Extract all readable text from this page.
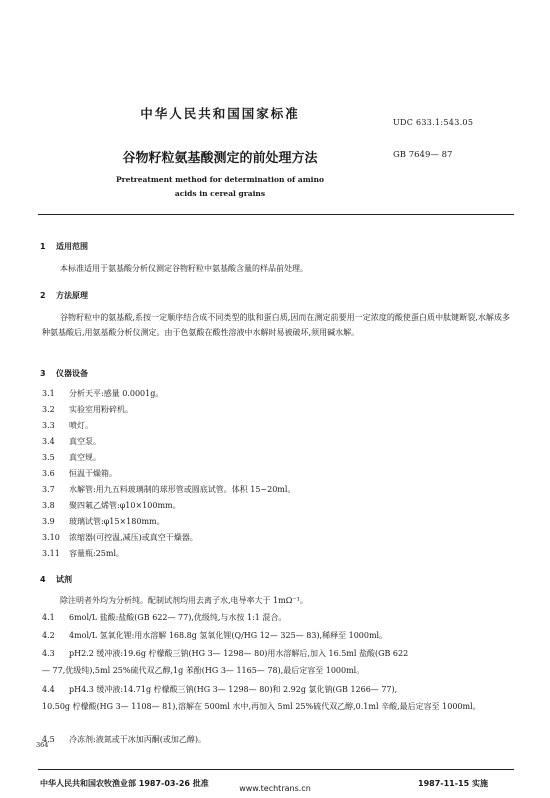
中华人民共和国国家标准
UDC 633.1:543.05
谷物籽粒氨基酸测定的前处理方法	GB 7649— 87
Pretreatment method for determination of amino
acids in cereal grains
1 适用范围
本标准适用于氨基酸分析仪测定谷物籽粒中氨基酸含量的样品前处理。
2 方法原理
谷物籽粒中的氨基酸,系按一定顺序结合成不同类型的肽和蛋白质,因而在测定前要用一定浓度的酸使蛋白质中肽键断裂,水解成多种氨基酸后,用氨基酸分析仪测定。由于色氨酸在酸性溶液中水解时易被破坏,须用碱水解。
3 仪器设备
3.1 分析天平:感量 0.0001g。
3.2 实验室用粉碎机。
3.3 喷灯。
3.4 真空泵。
3.5 真空规。
3.6 恒温干燥箱。
3.7 水解管:用九五料玻璃制的球形管或圆底试管。体积 15~20ml。
3.8 聚四氟乙烯管:φ10×100mm。
3.9 玻璃试管:φ15×180mm。
3.10 浓缩器(可控温,减压)或真空干燥器。
3.11 容量瓶:25ml。
4 试剂
除注明者外均为分析纯。配制试剂均用去离子水,电导率大于 1mΩ⁻¹。
4.1 6mol/L 盐酸:盐酸(GB 622— 77),优级纯,与水按 1:1 混合。
4.2 4mol/L 氢氧化锂:用水溶解 168.8g 氢氧化锂(Q/HG 12— 325— 83),稀释至 1000ml。
4.3 pH2.2 缓冲液:19.6g 柠檬酸三钠(HG 3— 1298— 80)用水溶解后,加入 16.5ml 盐酸(GB 622
— 77,优级纯),5ml 25%硫代双乙醇,1g 苯酚(HG 3— 1165— 78),最后定容至 1000ml。
4.4 pH4.3 缓冲液:14.71g 柠檬酸三钠(HG 3— 1298— 80)和 2.92g 氯化钠(GB 1266— 77),
10.50g 柠檬酸(HG 3— 1108— 81),溶解在 500ml 水中,再加入 5ml 25%硫代双乙醇,0.1ml 辛酸,最后定容至 1000ml。
4.5 冷冻剂:液氮或干冰加丙酮(或加乙醇)。
中华人民共和国农牧渔业部 1987-03-26 批准	1987-11-15 实施
www.techtrans.cn
364
